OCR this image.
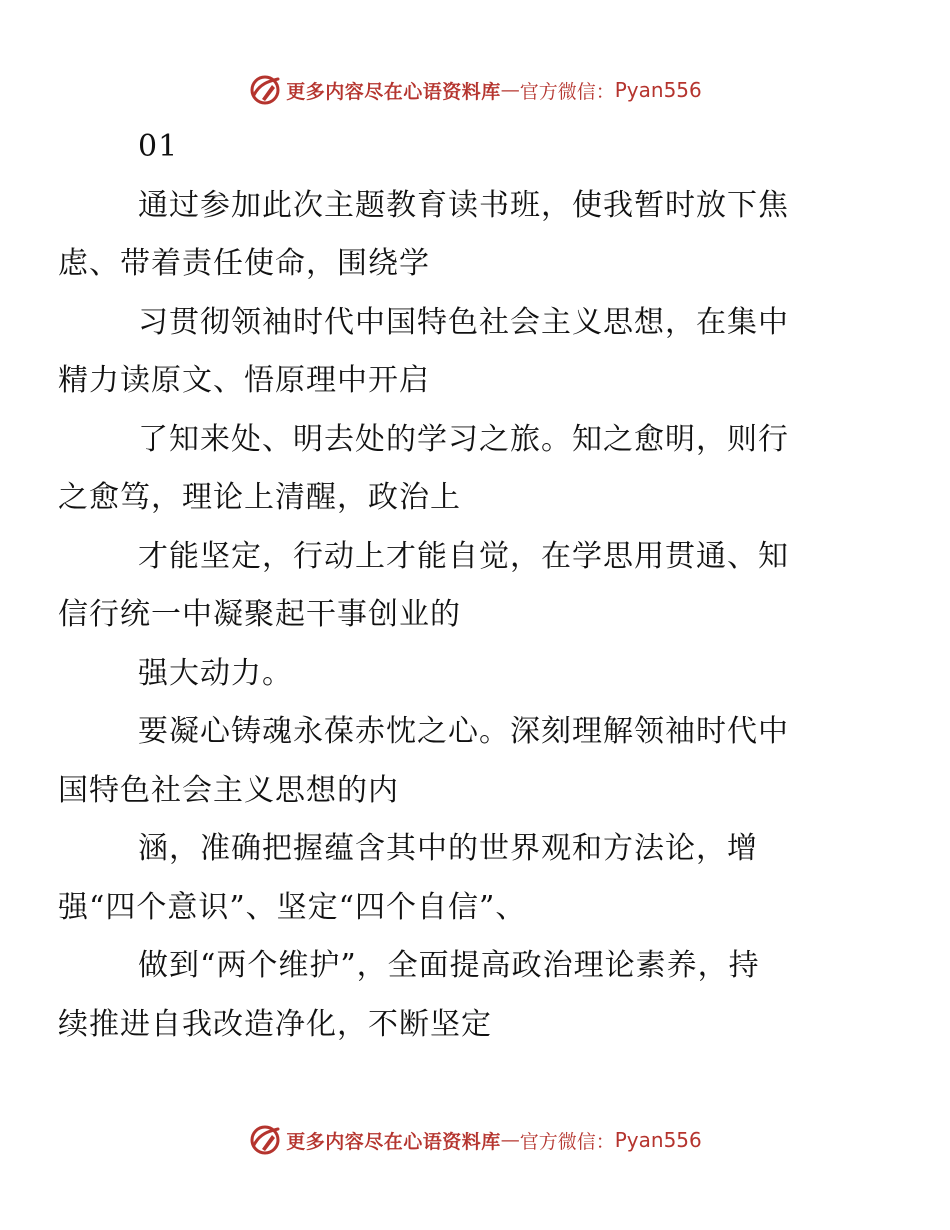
更多内容尽在心语资料库 — 官方微信： Pyan556

01

通过参加此次主题教育读书班，使我暂时放下焦
虑、带着责任使命，围绕学

习贯彻领袖时代中国特色社会主义思想，在集中
精力读原文、悟原理中开启

了知来处、明去处的学习之旅。知之愈明，则行
之愈笃，理论上清醒，政治上

才能坚定，行动上才能自觉，在学思用贯通、知
信行统一中凝聚起干事创业的

强大动力。

要凝心铸魂永葆赤忱之心。深刻理解领袖时代中
国特色社会主义思想的内

涵，准确把握蕴含其中的世界观和方法论，增
强“四个意识”、坚定“四个自信”、

做到“两个维护”，全面提高政治理论素养，持
续推进自我改造净化，不断坚定

更多内容尽在心语资料库 — 官方微信： Pyan556
